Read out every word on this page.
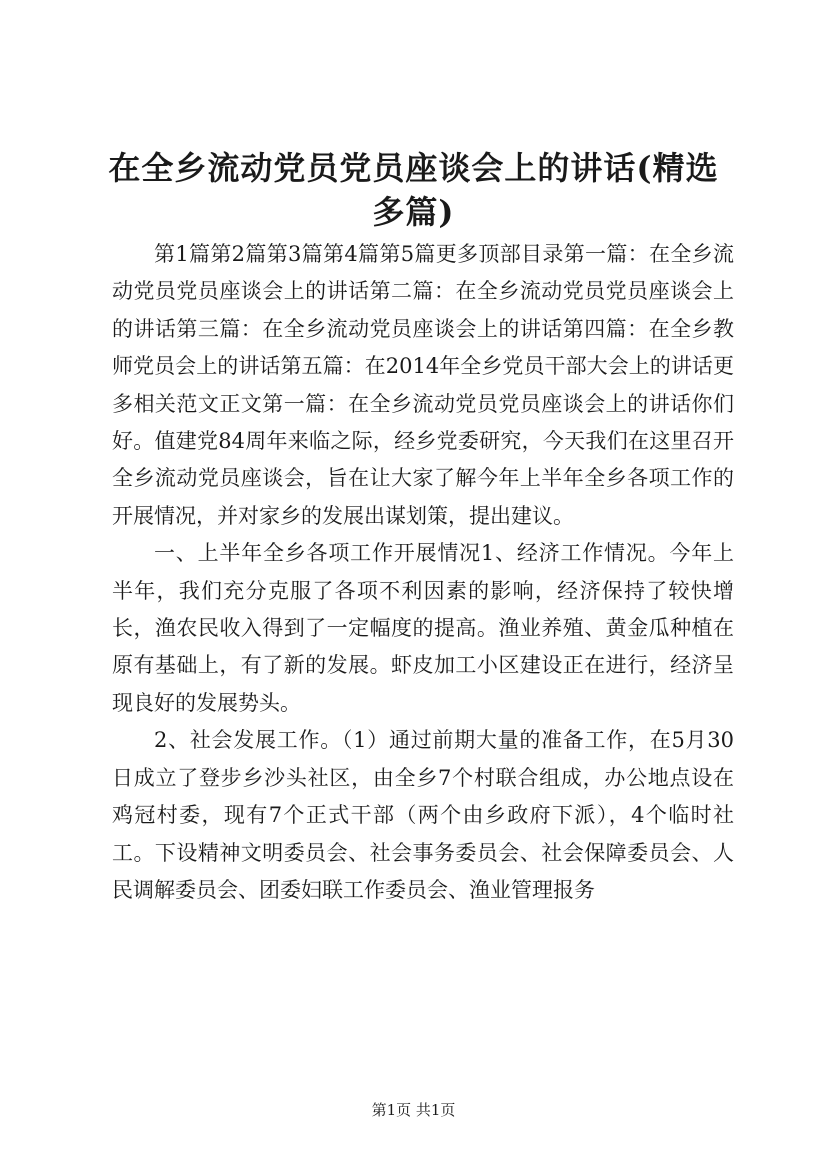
在全乡流动党员党员座谈会上的讲话(精选多篇)

第1篇第2篇第3篇第4篇第5篇更多顶部目录第一篇：在全乡流动党员党员座谈会上的讲话第二篇：在全乡流动党员党员座谈会上的讲话第三篇：在全乡流动党员座谈会上的讲话第四篇：在全乡教师党员会上的讲话第五篇：在2014年全乡党员干部大会上的讲话更多相关范文正文第一篇：在全乡流动党员党员座谈会上的讲话你们好。值建党84周年来临之际，经乡党委研究，今天我们在这里召开全乡流动党员座谈会，旨在让大家了解今年上半年全乡各项工作的开展情况，并对家乡的发展出谋划策，提出建议。

一、上半年全乡各项工作开展情况1、经济工作情况。今年上半年，我们充分克服了各项不利因素的影响，经济保持了较快增长，渔农民收入得到了一定幅度的提高。渔业养殖、黄金瓜种植在原有基础上，有了新的发展。虾皮加工小区建设正在进行，经济呈现良好的发展势头。

2、社会发展工作。（1）通过前期大量的准备工作，在5月30日成立了登步乡沙头社区，由全乡7个村联合组成，办公地点设在鸡冠村委，现有7个正式干部（两个由乡政府下派），4个临时社工。下设精神文明委员会、社会事务委员会、社会保障委员会、人民调解委员会、团委妇联工作委员会、渔业管理报务

第1页 共1页
